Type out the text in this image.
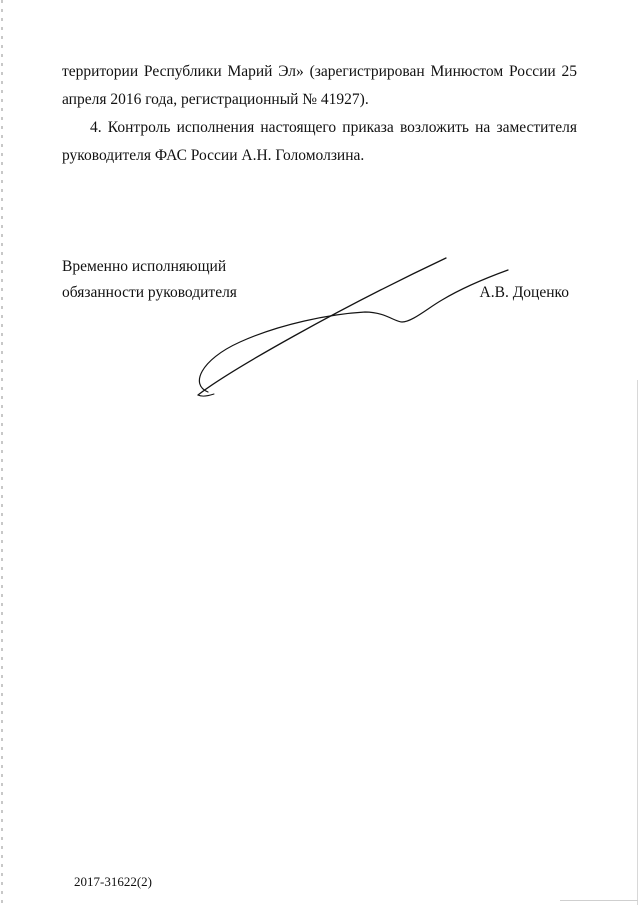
территории Республики Марий Эл» (зарегистрирован Минюстом России 25
апреля 2016 года, регистрационный № 41927).
4. Контроль исполнения настоящего приказа возложить на заместителя
руководителя ФАС России А.Н. Голомолзина.
Временно исполняющий
обязанности руководителя	А.В. Доценко
2017-31622(2)
